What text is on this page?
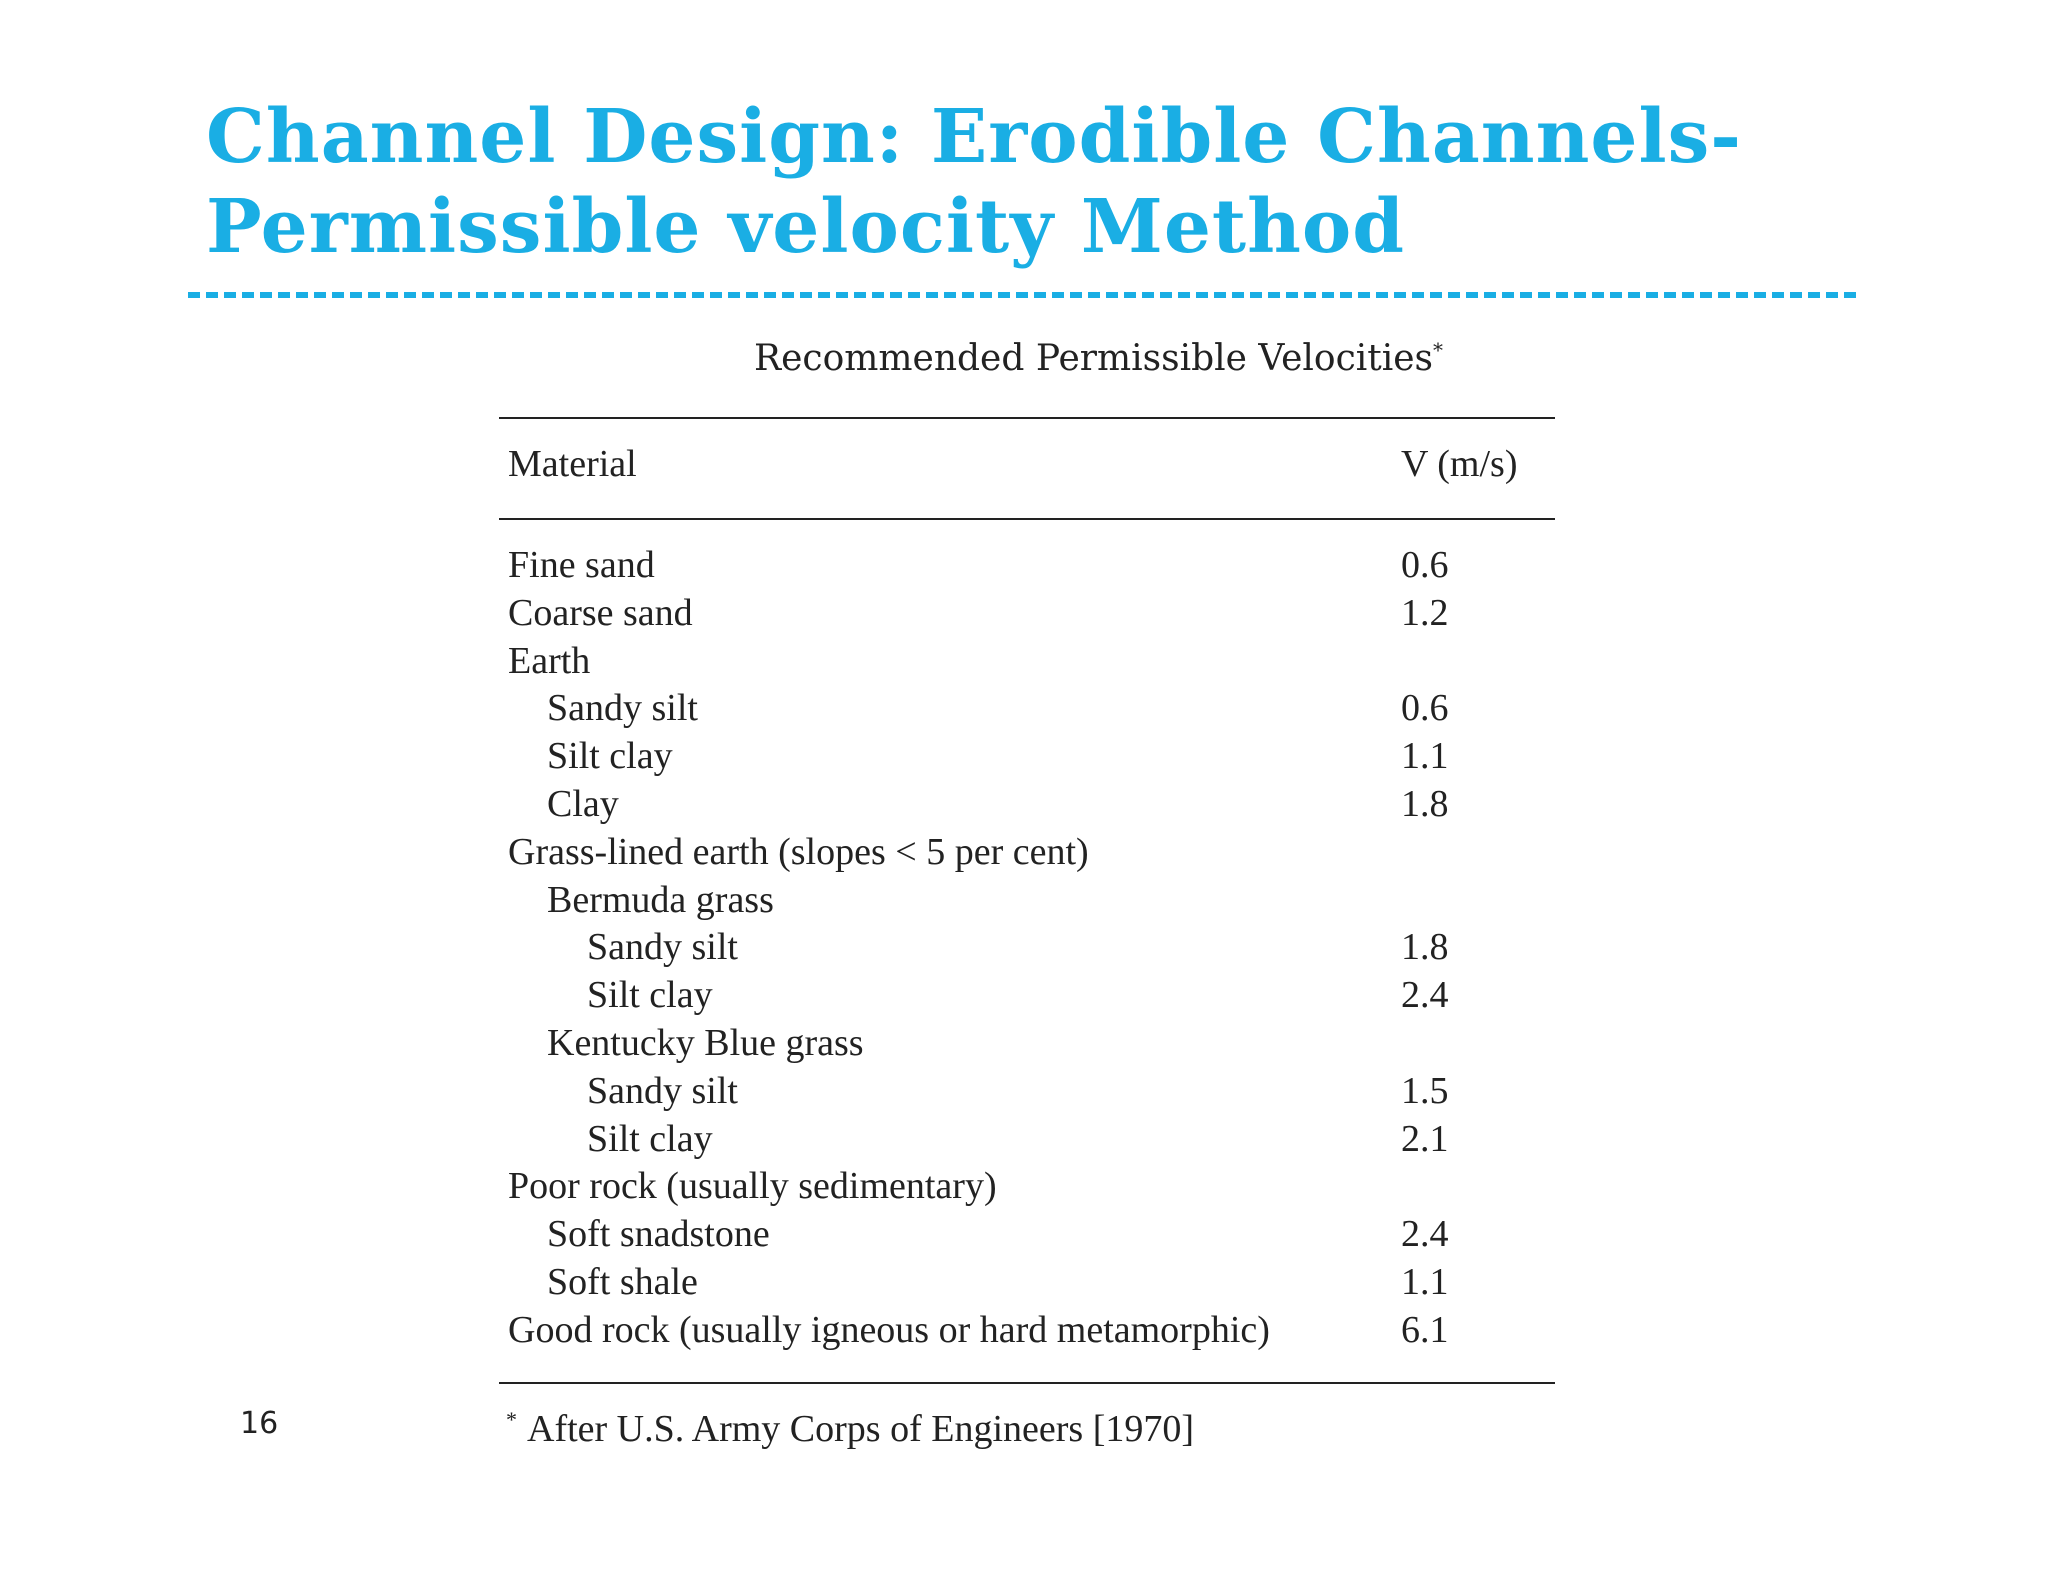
Channel Design: Erodible Channels-
Permissible velocity Method
Recommended Permissible Velocities*
Material	V (m/s)
Fine sand	0.6
Coarse sand	1.2
Earth
Sandy silt	0.6
Silt clay	1.1
Clay	1.8
Grass-lined earth (slopes < 5 per cent)
Bermuda grass
Sandy silt	1.8
Silt clay	2.4
Kentucky Blue grass
Sandy silt	1.5
Silt clay	2.1
Poor rock (usually sedimentary)
Soft snadstone	2.4
Soft shale	1.1
Good rock (usually igneous or hard metamorphic)	6.1
* After U.S. Army Corps of Engineers [1970]
16
